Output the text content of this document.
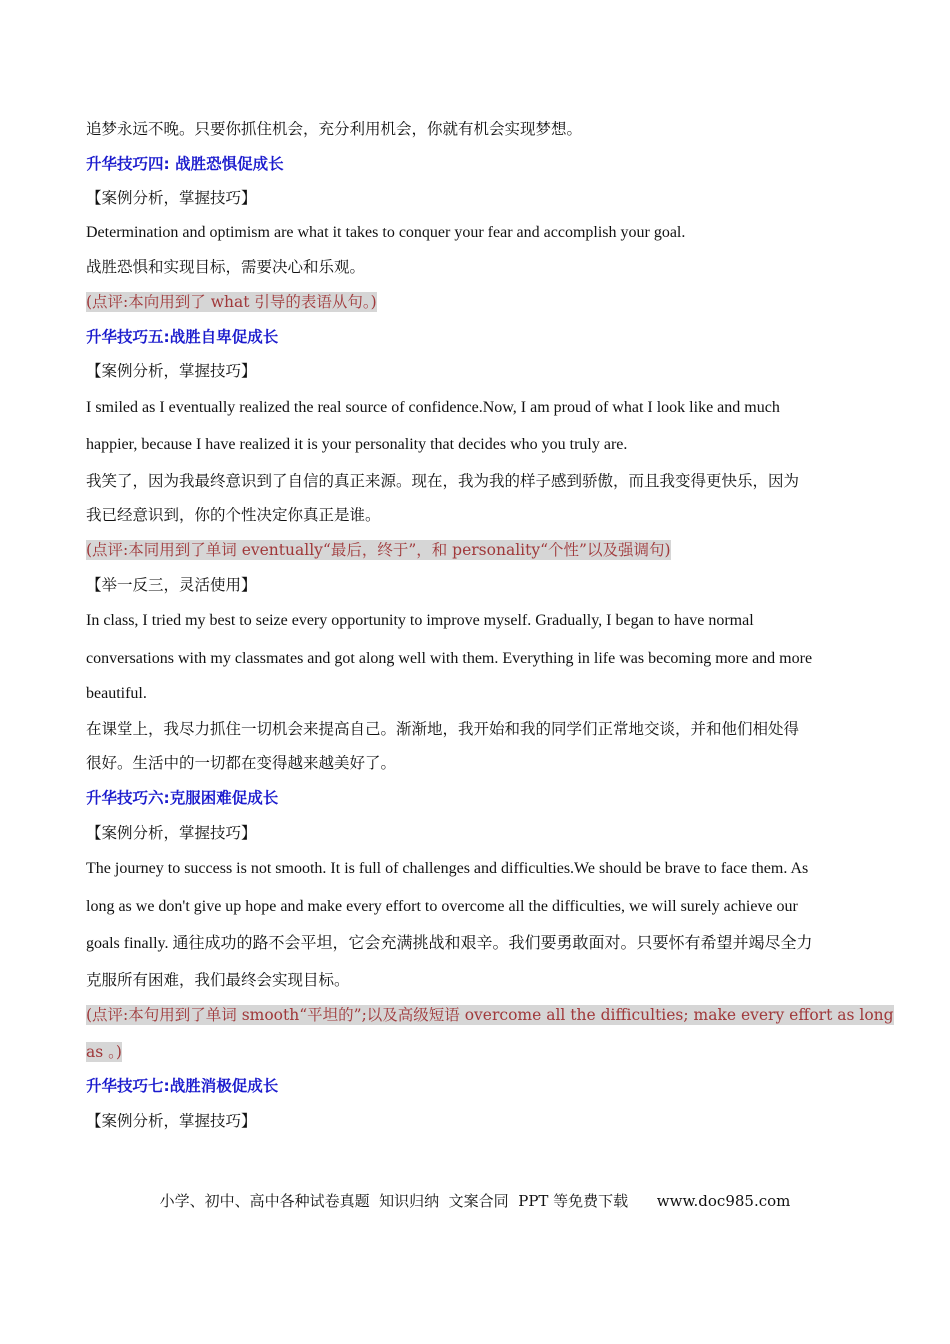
追梦永远不晚。只要你抓住机会，充分利用机会，你就有机会实现梦想。

升华技巧四: 战胜恐惧促成长

【案例分析，掌握技巧】

Determination and optimism are what it takes to conquer your fear and accomplish your goal.

战胜恐惧和实现目标，需要决心和乐观。

(点评:本向用到了 what 引导的表语从句。)

升华技巧五:战胜自卑促成长

【案例分析，掌握技巧】

I smiled as I eventually realized the real source of confidence.Now, I am proud of what I look like and much

happier, because I have realized it is your personality that decides who you truly are.

我笑了，因为我最终意识到了自信的真正来源。现在，我为我的样子感到骄傲，而且我变得更快乐，因为

我已经意识到，你的个性决定你真正是谁。

(点评:本同用到了单词 eventually“最后，终于”，和 personality“个性”以及强调句)

【举一反三，灵活使用】

In class, I tried my best to seize every opportunity to improve myself. Gradually, I began to have normal

conversations with my classmates and got along well with them. Everything in life was becoming more and more

beautiful.

在课堂上，我尽力抓住一切机会来提高自己。渐渐地，我开始和我的同学们正常地交谈，并和他们相处得

很好。生活中的一切都在变得越来越美好了。

升华技巧六:克服困难促成长

【案例分析，掌握技巧】

The journey to success is not smooth. It is full of challenges and difficulties.We should be brave to face them. As

long as we don't give up hope and make every effort to overcome all the difficulties, we will surely achieve our

goals finally. 通往成功的路不会平坦，它会充满挑战和艰辛。我们要勇敢面对。只要怀有希望并竭尽全力

克服所有困难，我们最终会实现目标。

(点评:本句用到了单词 smooth“平坦的”;以及高级短语 overcome all the difficulties; make every effort as long

as 。)

升华技巧七:战胜消极促成长

【案例分析，掌握技巧】

小学、初中、高中各种试卷真题  知识归纳  文案合同  PPT 等免费下载      www.doc985.com
